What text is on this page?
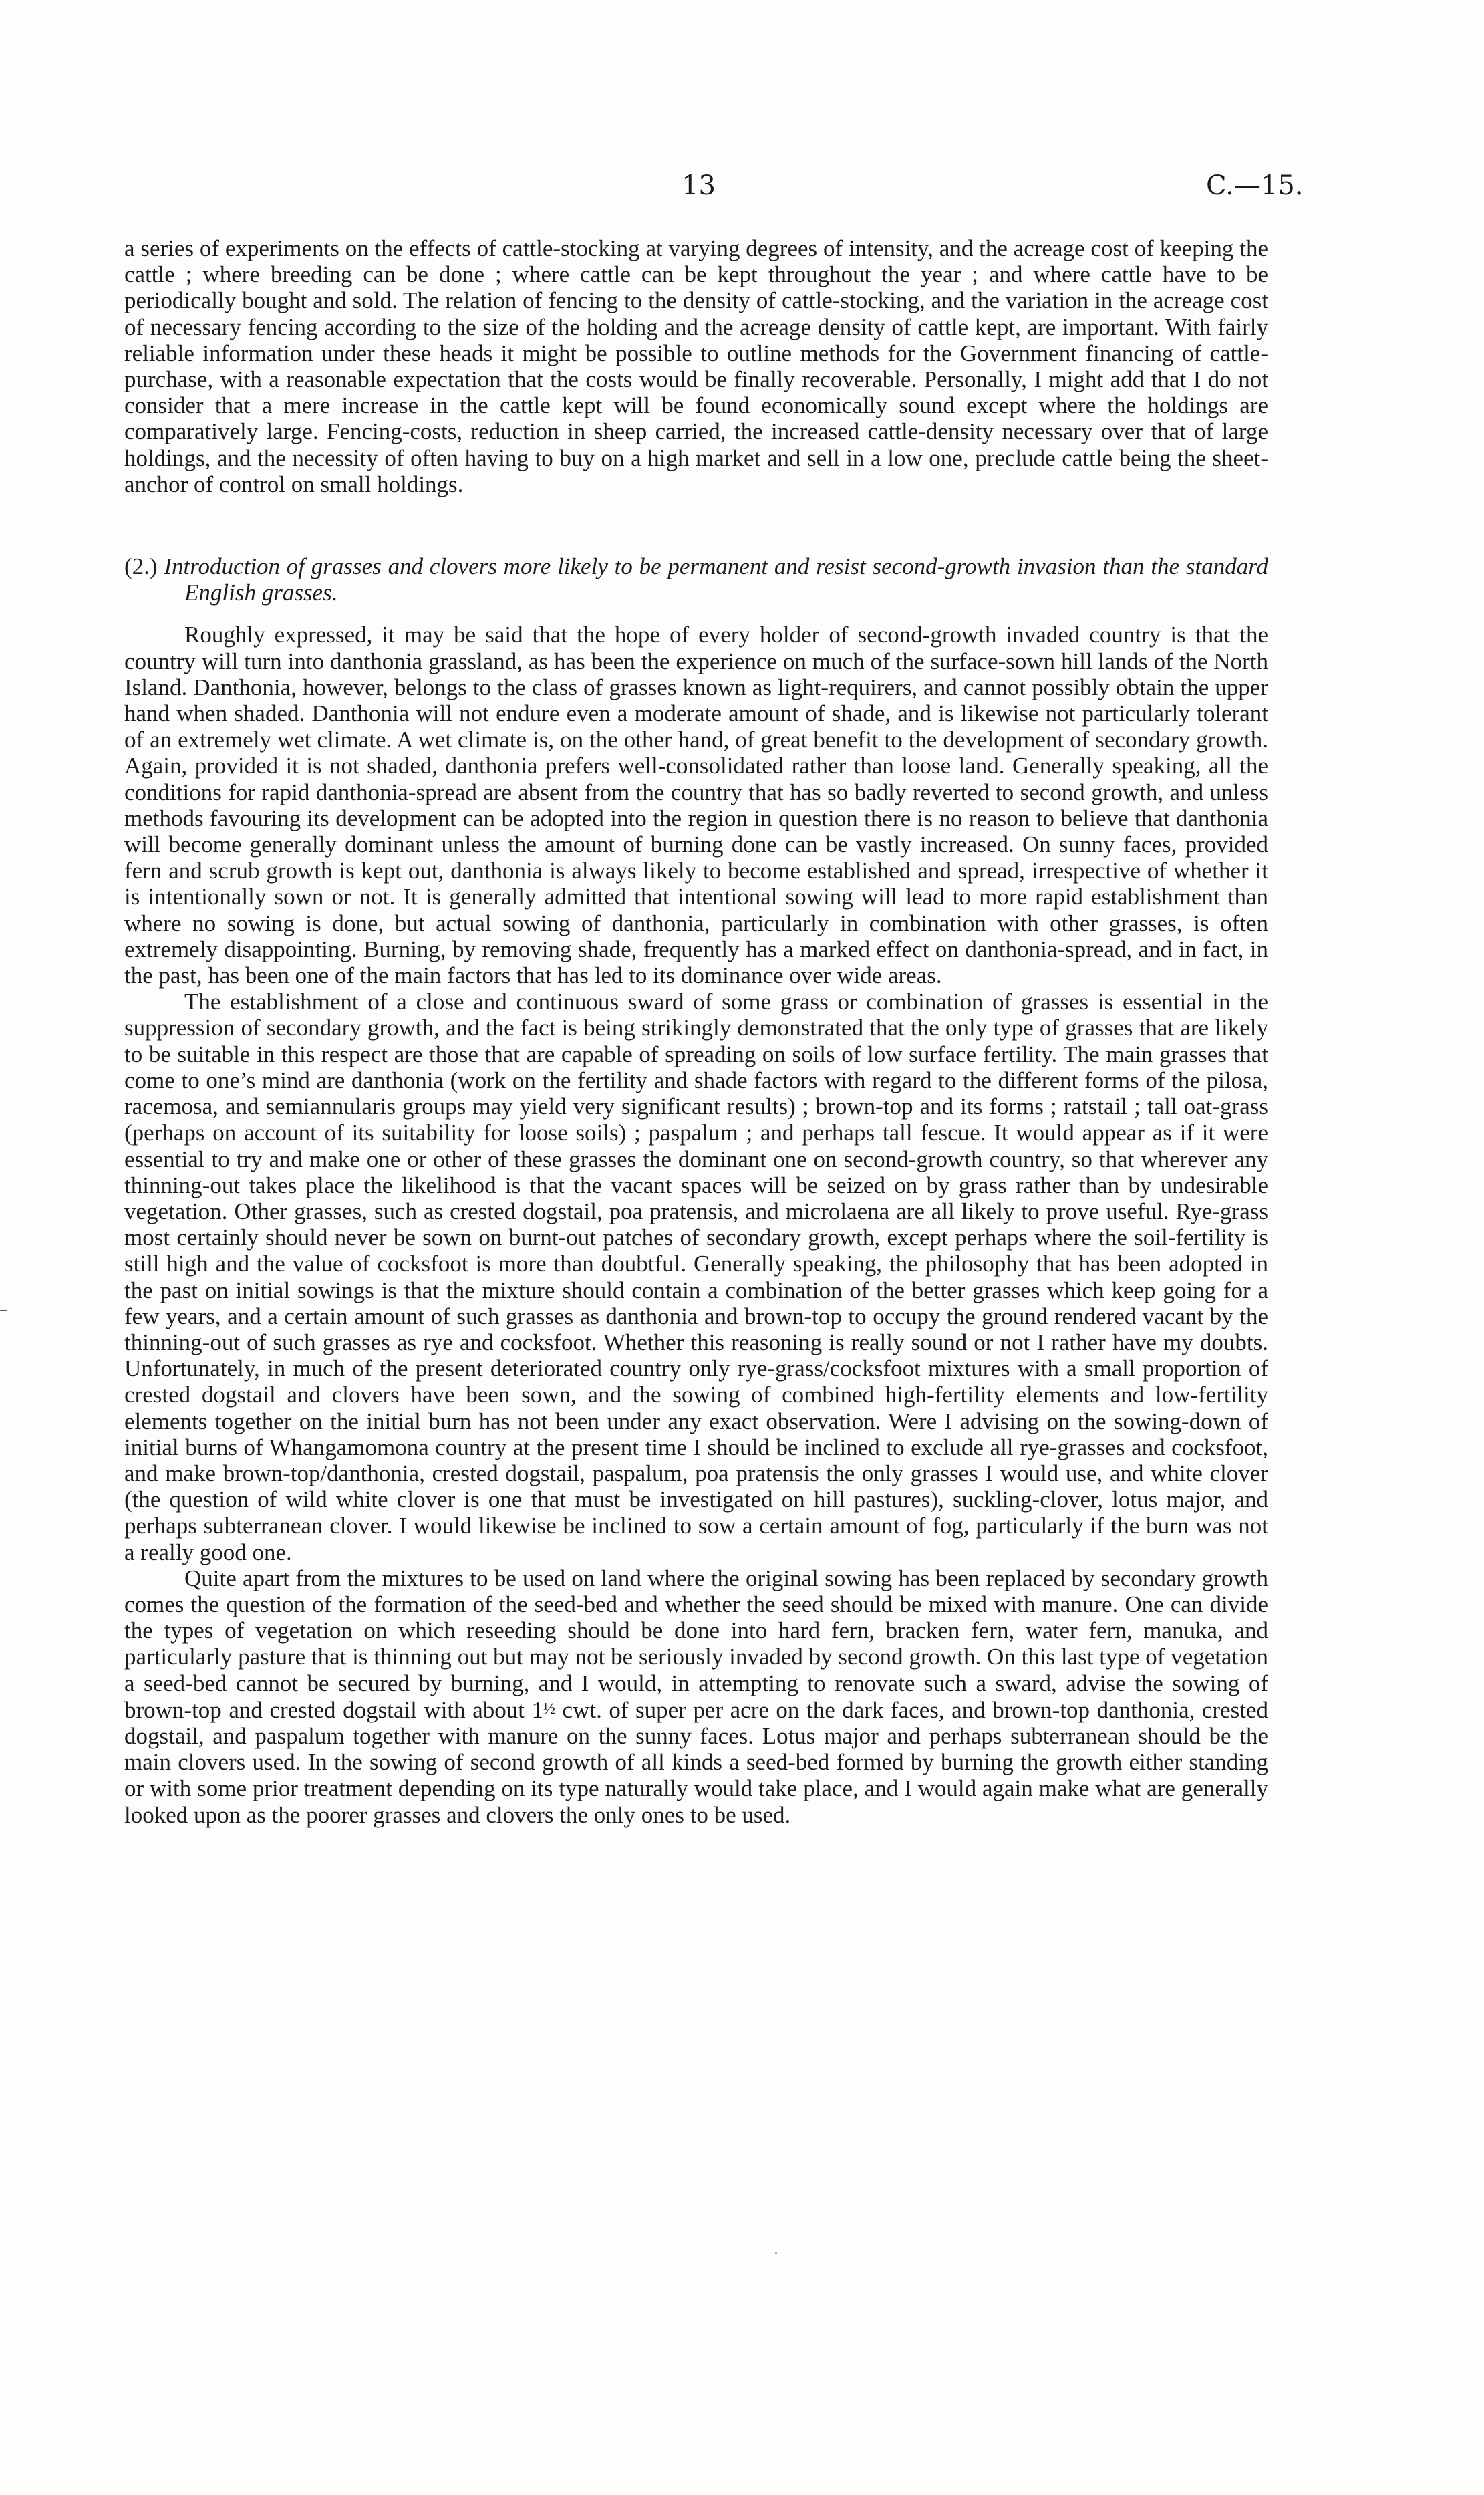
13	C.—15.

a series of experiments on the effects of cattle-stocking at varying degrees of intensity, and the acreage cost of keeping the cattle ; where breeding can be done ; where cattle can be kept throughout the year ; and where cattle have to be periodically bought and sold. The relation of fencing to the density of cattle-stocking, and the variation in the acreage cost of necessary fencing according to the size of the holding and the acreage density of cattle kept, are important. With fairly reliable information under these heads it might be possible to outline methods for the Government financing of cattle-purchase, with a reasonable expectation that the costs would be finally recoverable. Personally, I might add that I do not consider that a mere increase in the cattle kept will be found economically sound except where the holdings are comparatively large. Fencing-costs, reduction in sheep carried, the increased cattle-density necessary over that of large holdings, and the necessity of often having to buy on a high market and sell in a low one, preclude cattle being the sheet-anchor of control on small holdings.

(2.) Introduction of grasses and clovers more likely to be permanent and resist second-growth invasion than the standard English grasses.

Roughly expressed, it may be said that the hope of every holder of second-growth invaded country is that the country will turn into danthonia grassland, as has been the experience on much of the surface-sown hill lands of the North Island. Danthonia, however, belongs to the class of grasses known as light-requirers, and cannot possibly obtain the upper hand when shaded. Danthonia will not endure even a moderate amount of shade, and is likewise not particularly tolerant of an extremely wet climate. A wet climate is, on the other hand, of great benefit to the development of secondary growth. Again, provided it is not shaded, danthonia prefers well-consolidated rather than loose land. Generally speaking, all the conditions for rapid danthonia-spread are absent from the country that has so badly reverted to second growth, and unless methods favouring its development can be adopted into the region in question there is no reason to believe that danthonia will become generally dominant unless the amount of burning done can be vastly increased. On sunny faces, provided fern and scrub growth is kept out, danthonia is always likely to become established and spread, irrespective of whether it is intentionally sown or not. It is generally admitted that intentional sowing will lead to more rapid establishment than where no sowing is done, but actual sowing of danthonia, particularly in combination with other grasses, is often extremely disappointing. Burning, by removing shade, frequently has a marked effect on danthonia-spread, and in fact, in the past, has been one of the main factors that has led to its dominance over wide areas.

The establishment of a close and continuous sward of some grass or combination of grasses is essential in the suppression of secondary growth, and the fact is being strikingly demonstrated that the only type of grasses that are likely to be suitable in this respect are those that are capable of spreading on soils of low surface fertility. The main grasses that come to one’s mind are danthonia (work on the fertility and shade factors with regard to the different forms of the pilosa, racemosa, and semiannularis groups may yield very significant results) ; brown-top and its forms ; ratstail ; tall oat-grass (perhaps on account of its suitability for loose soils) ; paspalum ; and perhaps tall fescue. It would appear as if it were essential to try and make one or other of these grasses the dominant one on second-growth country, so that wherever any thinning-out takes place the likelihood is that the vacant spaces will be seized on by grass rather than by undesirable vegetation. Other grasses, such as crested dogstail, poa pratensis, and microlaena are all likely to prove useful. Rye-grass most certainly should never be sown on burnt-out patches of secondary growth, except perhaps where the soil-fertility is still high and the value of cocksfoot is more than doubtful. Generally speaking, the philosophy that has been adopted in the past on initial sowings is that the mixture should contain a combination of the better grasses which keep going for a few years, and a certain amount of such grasses as danthonia and brown-top to occupy the ground rendered vacant by the thinning-out of such grasses as rye and cocksfoot. Whether this reasoning is really sound or not I rather have my doubts. Unfortunately, in much of the present deteriorated country only rye-grass/cocksfoot mixtures with a small proportion of crested dogstail and clovers have been sown, and the sowing of combined high-fertility elements and low-fertility elements together on the initial burn has not been under any exact observation. Were I advising on the sowing-down of initial burns of Whangamomona country at the present time I should be inclined to exclude all rye-grasses and cocksfoot, and make brown-top/danthonia, crested dogstail, paspalum, poa pratensis the only grasses I would use, and white clover (the question of wild white clover is one that must be investigated on hill pastures), suckling-clover, lotus major, and perhaps subterranean clover. I would likewise be inclined to sow a certain amount of fog, particularly if the burn was not a really good one.

Quite apart from the mixtures to be used on land where the original sowing has been replaced by secondary growth comes the question of the formation of the seed-bed and whether the seed should be mixed with manure. One can divide the types of vegetation on which reseeding should be done into hard fern, bracken fern, water fern, manuka, and particularly pasture that is thinning out but may not be seriously invaded by second growth. On this last type of vegetation a seed-bed cannot be secured by burning, and I would, in attempting to renovate such a sward, advise the sowing of brown-top and crested dogstail with about 1½ cwt. of super per acre on the dark faces, and brown-top danthonia, crested dogstail, and paspalum together with manure on the sunny faces. Lotus major and perhaps subterranean should be the main clovers used. In the sowing of second growth of all kinds a seed-bed formed by burning the growth either standing or with some prior treatment depending on its type naturally would take place, and I would again make what are generally looked upon as the poorer grasses and clovers the only ones to be used.
